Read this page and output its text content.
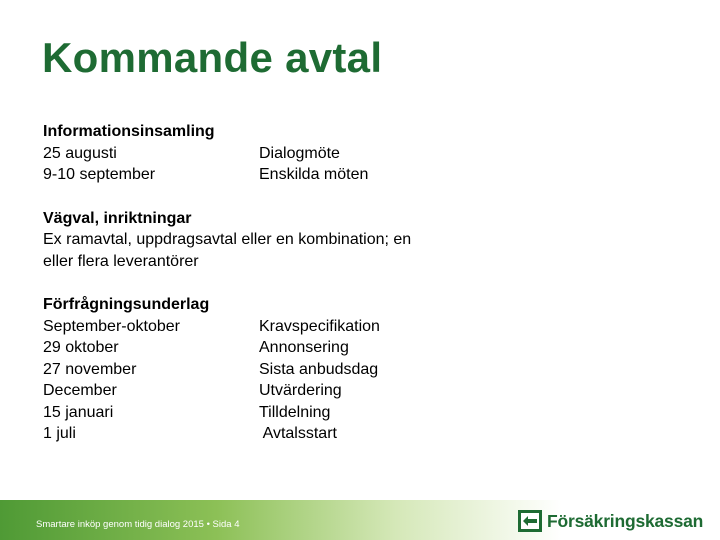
Kommande avtal
Informationsinsamling
25 augusti	Dialogmöte
9-10 september	Enskilda möten
Vägval, inriktningar
Ex ramavtal, uppdragsavtal eller en kombination; en
eller flera leverantörer
Förfrågningsunderlag
September-oktober	Kravspecifikation
29 oktober	Annonsering
27 november	Sista anbudsdag
December	Utvärdering
15 januari	Tilldelning
1 juli	Avtalsstart
Smartare inköp genom tidig dialog 2015 • Sida 4	Försäkringskassan
